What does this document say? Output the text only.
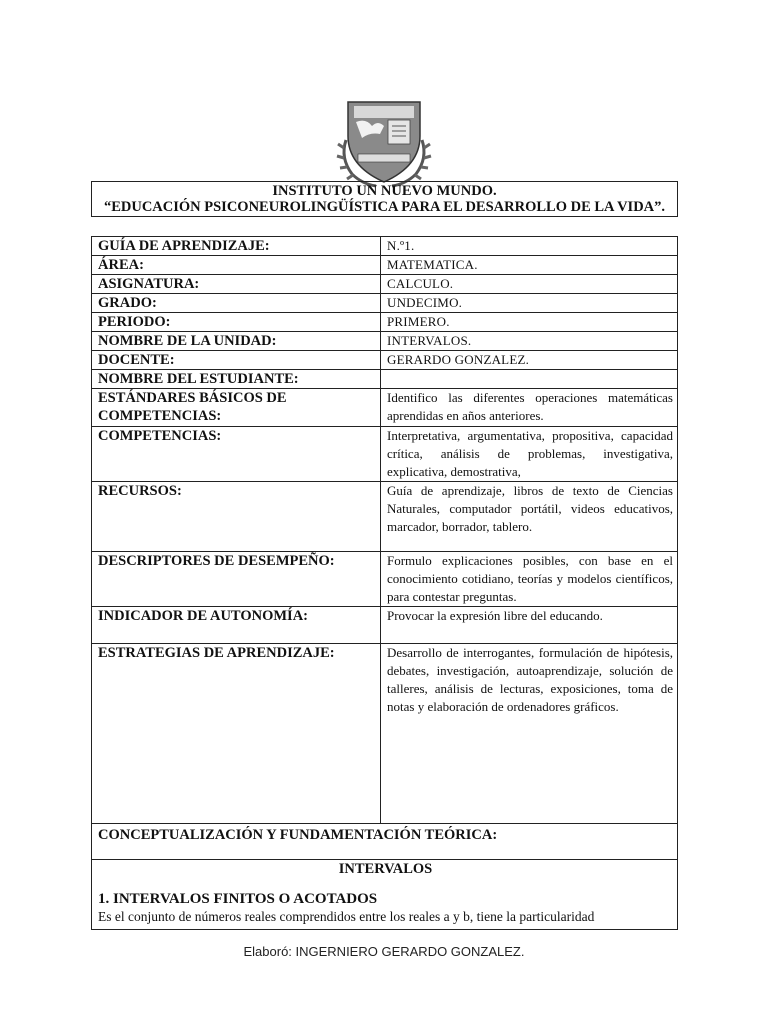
INSTITUTO UN NUEVO MUNDO.
“EDUCACIÓN PSICONEUROLINGÜÍSTICA PARA EL DESARROLLO DE LA VIDA”.
GUÍA DE APRENDIZAJE:	N.º1.
ÁREA:	MATEMATICA.
ASIGNATURA:	CALCULO.
GRADO:	UNDECIMO.
PERIODO:	PRIMERO.
NOMBRE DE LA UNIDAD:	INTERVALOS.
DOCENTE:	GERARDO GONZALEZ.
NOMBRE DEL ESTUDIANTE:	
ESTÁNDARES BÁSICOS DE COMPETENCIAS:	Identifico las diferentes operaciones matemáticas aprendidas en años anteriores.
COMPETENCIAS:	Interpretativa, argumentativa, propositiva, capacidad crítica, análisis de problemas, investigativa, explicativa, demostrativa,
RECURSOS:	Guía de aprendizaje, libros de texto de Ciencias Naturales, computador portátil, videos educativos, marcador, borrador, tablero.
DESCRIPTORES DE DESEMPEÑO:	Formulo explicaciones posibles, con base en el conocimiento cotidiano, teorías y modelos científicos, para contestar preguntas.
INDICADOR DE AUTONOMÍA:	Provocar la expresión libre del educando.
ESTRATEGIAS DE APRENDIZAJE:	Desarrollo de interrogantes, formulación de hipótesis, debates, investigación, autoaprendizaje, solución de talleres, análisis de lecturas, exposiciones, toma de notas y elaboración de ordenadores gráficos.
CONCEPTUALIZACIÓN Y FUNDAMENTACIÓN TEÓRICA:	

INTERVALOS
1. INTERVALOS FINITOS O ACOTADOS
Es el conjunto de números reales comprendidos entre los reales a y b, tiene la particularidad	
Elaboró: INGERNIERO GERARDO GONZALEZ.
